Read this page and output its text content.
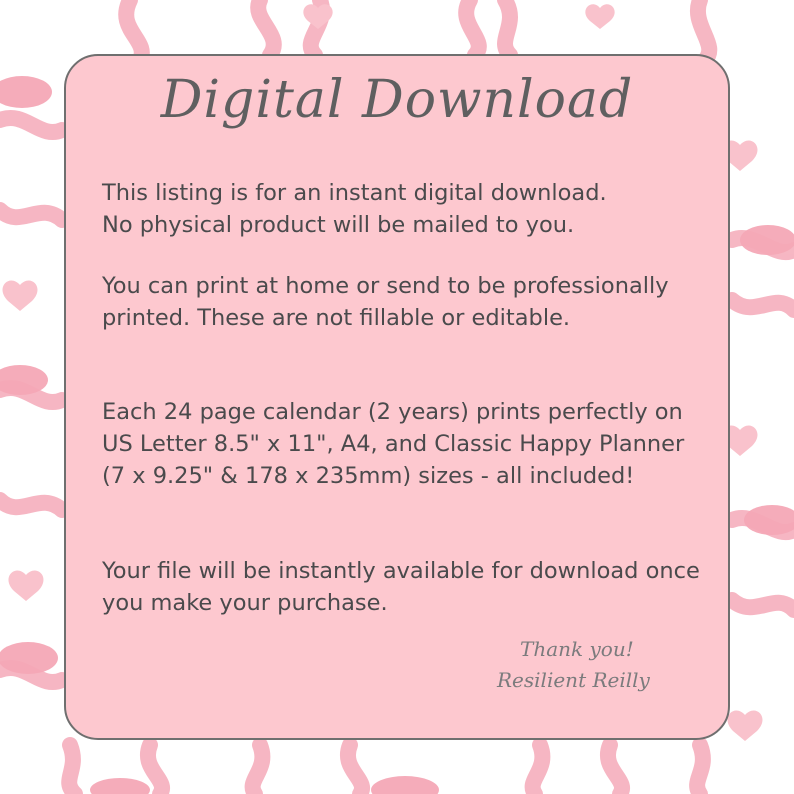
Digital Download

This listing is for an instant digital download.
No physical product will be mailed to you.

You can print at home or send to be professionally printed. These are not fillable or editable.

Each 24 page calendar (2 years) prints perfectly on US Letter 8.5" x 11", A4, and Classic Happy Planner (7 x 9.25" & 178 x 235mm) sizes - all included!

Your file will be instantly available for download once you make your purchase.

Thank you!
Resilient Reilly
